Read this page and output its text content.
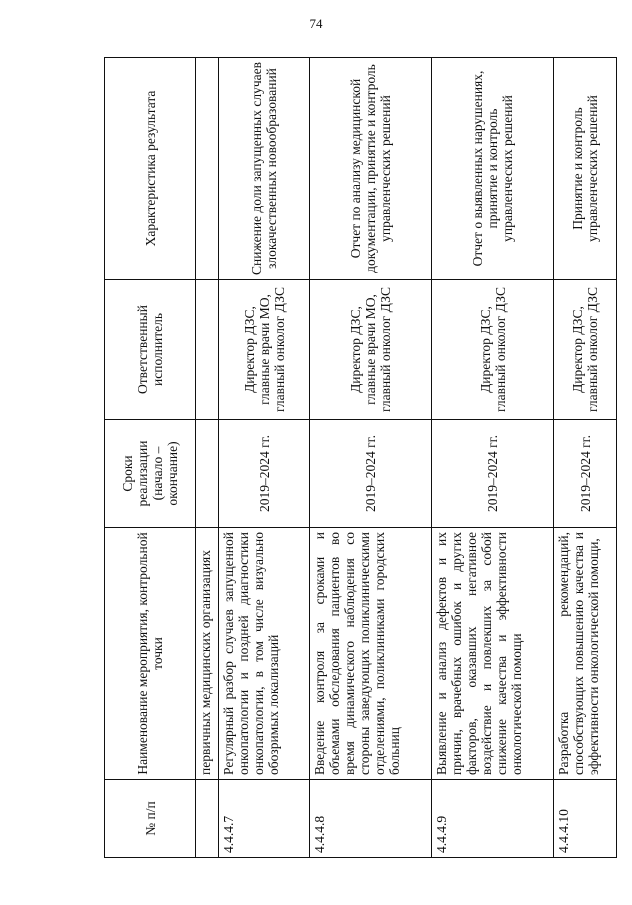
74
№ п/п	Наименование мероприятия, контрольной точки	Сроки реализации (начало – окончание)	Ответственный исполнитель	Характеристика результата
	первичных медицинских организациях			
4.4.4.7	Регулярный разбор случаев запущенной онкопатологии и поздней диагностики онкопатологии, в том числе визуально обозримых локализаций	2019–2024 гг.	Директор ДЗС, главные врачи МО, главный онколог ДЗС	Снижение доли запущенных случаев злокачественных новообразований
4.4.4.8	Введение контроля за сроками и объемами обследования пациентов во время динамического наблюдения со стороны заведующих поликлиническими отделениями, поликлиниками городских больниц	2019–2024 гг.	Директор ДЗС, главные врачи МО, главный онколог ДЗС	Отчет по анализу медицинской документации, принятие и контроль управленческих решений
4.4.4.9	Выявление и анализ дефектов и их причин, врачебных ошибок и других факторов, оказавших негативное воздействие и повлекших за собой снижение качества и эффективности онкологической помощи	2019–2024 гг.	Директор ДЗС, главный онколог ДЗС	Отчет о выявленных нарушениях, принятие и контроль управленческих решений
4.4.4.10	Разработка рекомендаций, способствующих повышению качества и эффективности онкологической помощи,	2019–2024 гг.	Директор ДЗС, главный онколог ДЗС	Принятие и контроль управленческих решений
